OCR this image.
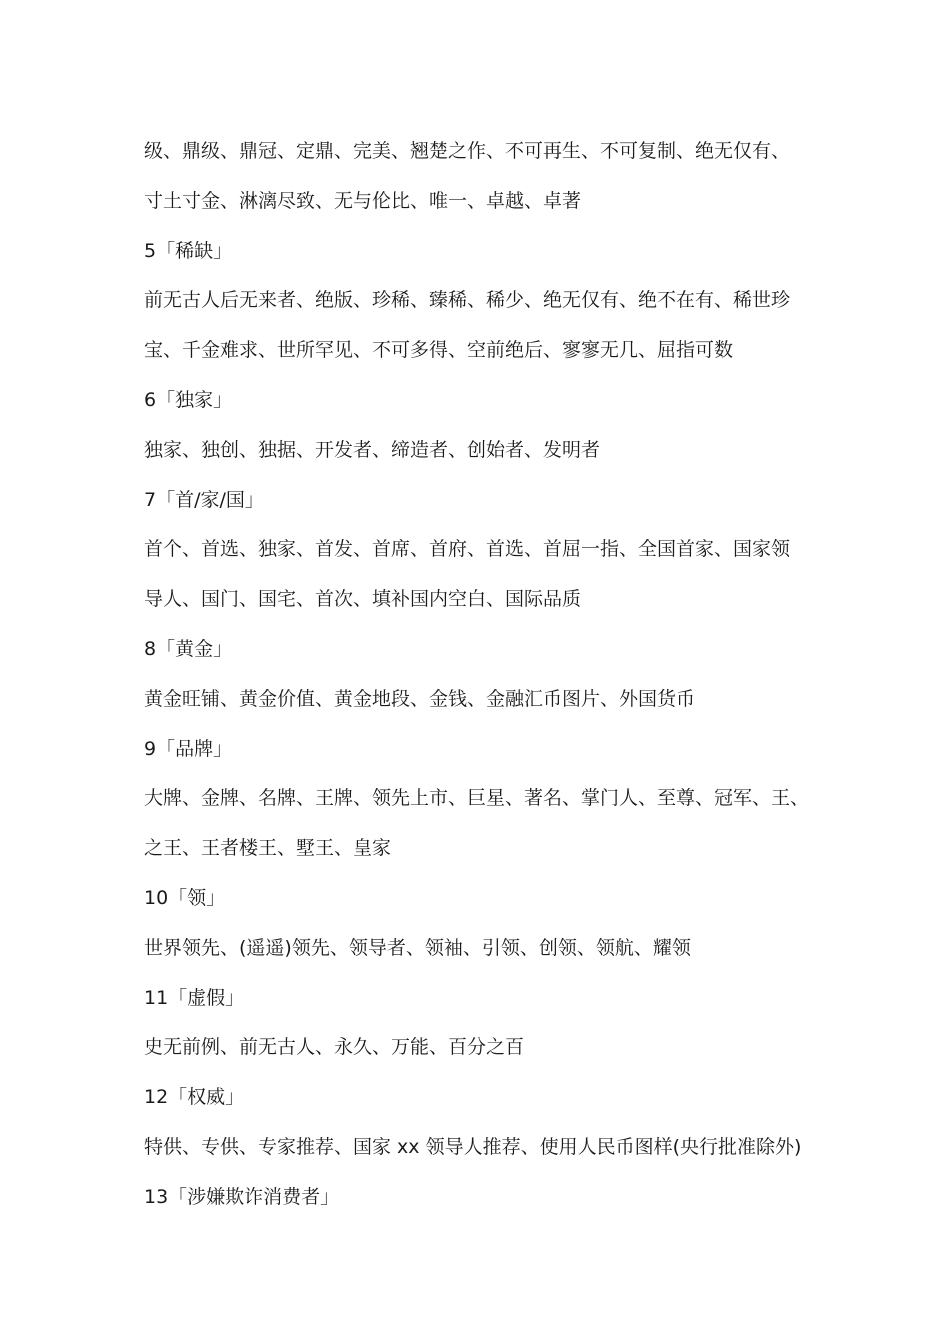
级、鼎级、鼎冠、定鼎、完美、翘楚之作、不可再生、不可复制、绝无仅有、
寸土寸金、淋漓尽致、无与伦比、唯一、卓越、卓著
5「稀缺」
前无古人后无来者、绝版、珍稀、臻稀、稀少、绝无仅有、绝不在有、稀世珍
宝、千金难求、世所罕见、不可多得、空前绝后、寥寥无几、屈指可数
6「独家」
独家、独创、独据、开发者、缔造者、创始者、发明者
7「首/家/国」
首个、首选、独家、首发、首席、首府、首选、首屈一指、全国首家、国家领
导人、国门、国宅、首次、填补国内空白、国际品质
8「黄金」
黄金旺铺、黄金价值、黄金地段、金钱、金融汇币图片、外国货币
9「品牌」
大牌、金牌、名牌、王牌、领先上市、巨星、著名、掌门人、至尊、冠军、王、
之王、王者楼王、墅王、皇家
10「领」
世界领先、(遥遥)领先、领导者、领袖、引领、创领、领航、耀领
11「虚假」
史无前例、前无古人、永久、万能、百分之百
12「权威」
特供、专供、专家推荐、国家 xx 领导人推荐、使用人民币图样(央行批准除外)
13「涉嫌欺诈消费者」
